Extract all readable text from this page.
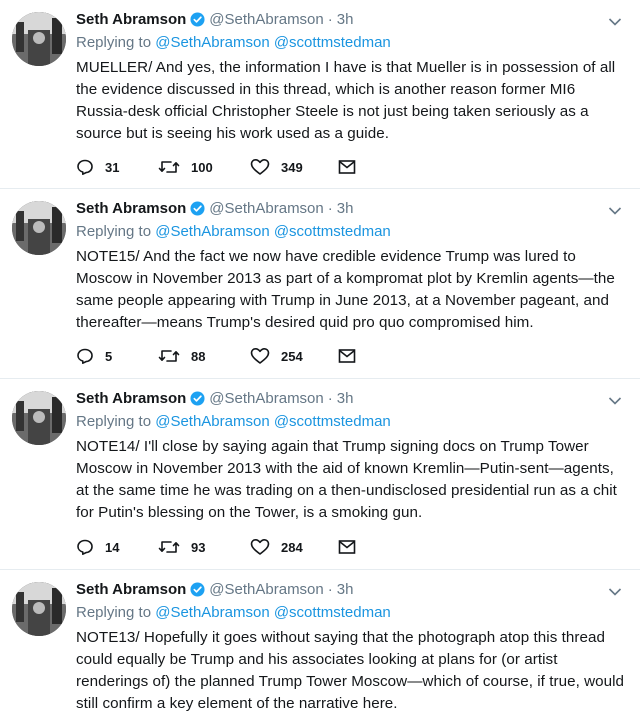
Seth Abramson @SethAbramson · 3h
Replying to @SethAbramson @scottmstedman
MUELLER/ And yes, the information I have is that Mueller is in possession of all the evidence discussed in this thread, which is another reason former MI6 Russia-desk official Christopher Steele is not just being taken seriously as a source but is seeing his work used as a guide.
31	100	349
Seth Abramson @SethAbramson · 3h
Replying to @SethAbramson @scottmstedman
NOTE15/ And the fact we now have credible evidence Trump was lured to Moscow in November 2013 as part of a kompromat plot by Kremlin agents—the same people appearing with Trump in June 2013, at a November pageant, and thereafter—means Trump's desired quid pro quo compromised him.
5	88	254
Seth Abramson @SethAbramson · 3h
Replying to @SethAbramson @scottmstedman
NOTE14/ I'll close by saying again that Trump signing docs on Trump Tower Moscow in November 2013 with the aid of known Kremlin—Putin-sent—agents, at the same time he was trading on a then-undisclosed presidential run as a chit for Putin's blessing on the Tower, is a smoking gun.
14	93	284
Seth Abramson @SethAbramson · 3h
Replying to @SethAbramson @scottmstedman
NOTE13/ Hopefully it goes without saying that the photograph atop this thread could equally be Trump and his associates looking at plans for (or artist renderings of) the planned Trump Tower Moscow—which of course, if true, would still confirm a key element of the narrative here.
